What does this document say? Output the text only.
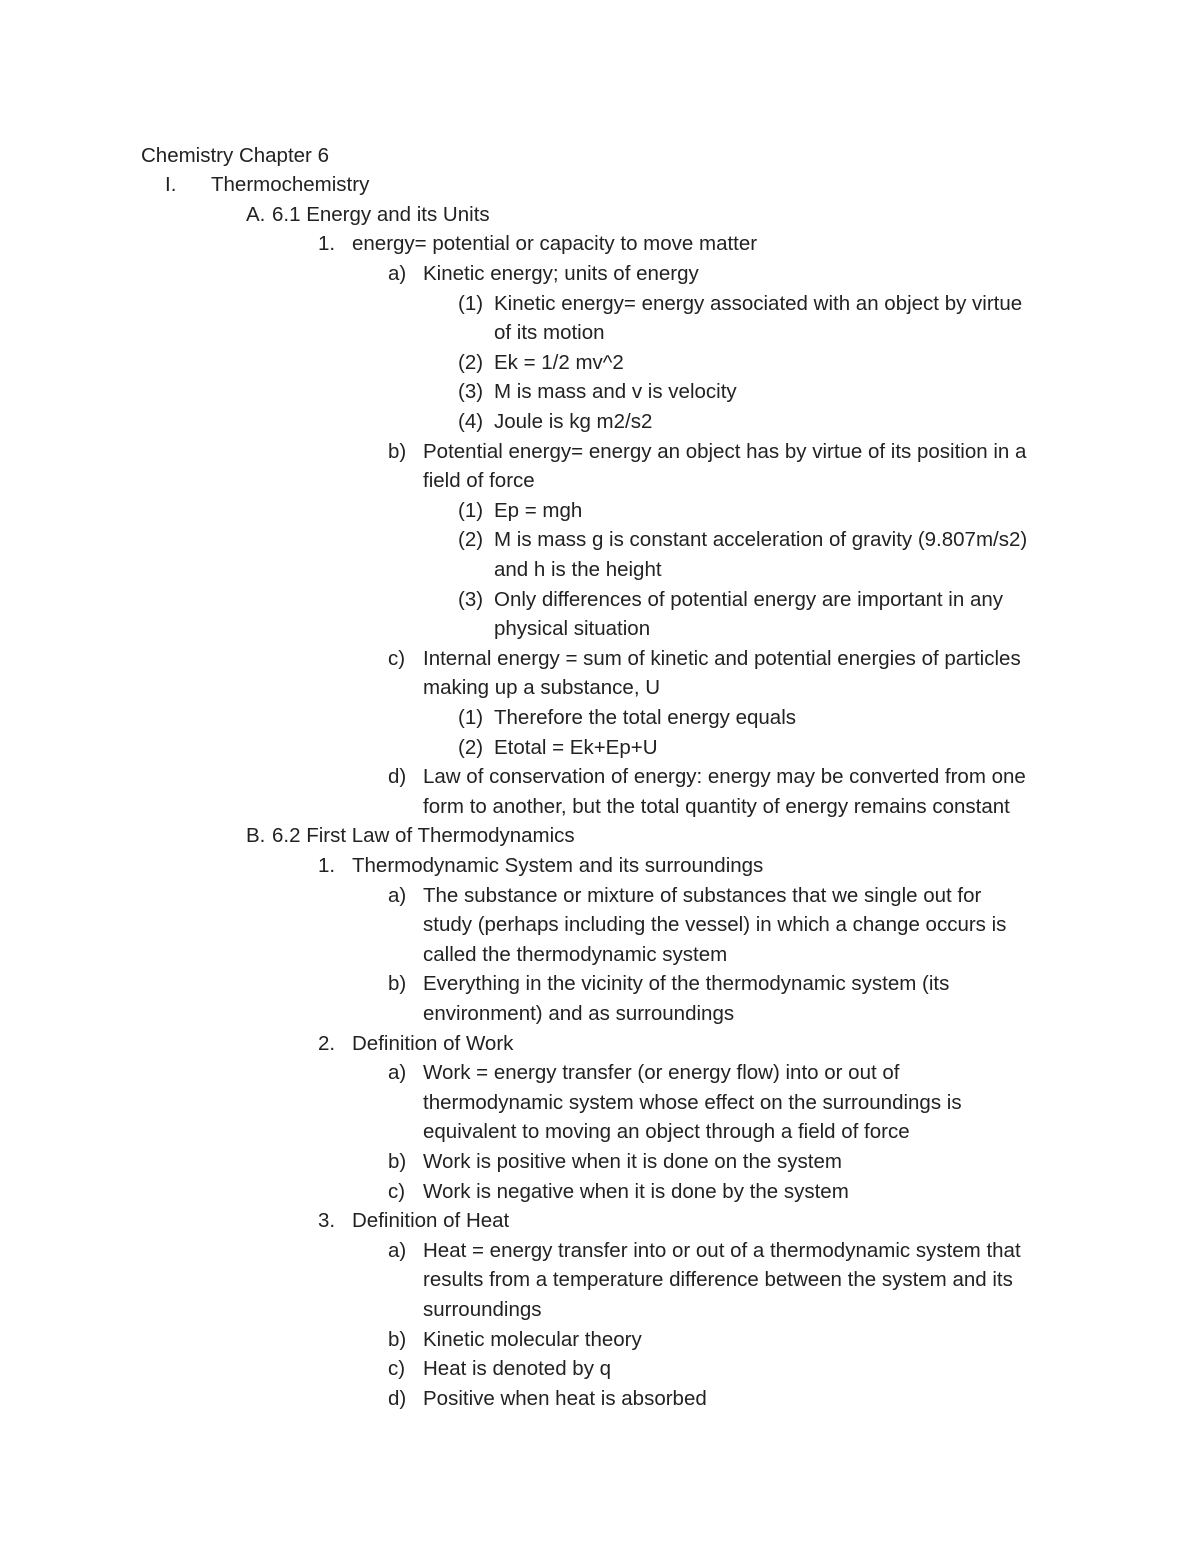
Chemistry Chapter 6
I. Thermochemistry
A. 6.1 Energy and its Units
1. energy= potential or capacity to move matter
a) Kinetic energy; units of energy
(1) Kinetic energy= energy associated with an object by virtue
of its motion
(2) Ek = 1/2 mv^2
(3) M is mass and v is velocity
(4) Joule is kg m2/s2
b) Potential energy= energy an object has by virtue of its position in a
field of force
(1) Ep = mgh
(2) M is mass g is constant acceleration of gravity (9.807m/s2)
and h is the height
(3) Only differences of potential energy are important in any
physical situation
c) Internal energy = sum of kinetic and potential energies of particles
making up a substance, U
(1) Therefore the total energy equals
(2) Etotal = Ek+Ep+U
d) Law of conservation of energy: energy may be converted from one
form to another, but the total quantity of energy remains constant
B. 6.2 First Law of Thermodynamics
1. Thermodynamic System and its surroundings
a) The substance or mixture of substances that we single out for
study (perhaps including the vessel) in which a change occurs is
called the thermodynamic system
b) Everything in the vicinity of the thermodynamic system (its
environment) and as surroundings
2. Definition of Work
a) Work = energy transfer (or energy flow) into or out of
thermodynamic system whose effect on the surroundings is
equivalent to moving an object through a field of force
b) Work is positive when it is done on the system
c) Work is negative when it is done by the system
3. Definition of Heat
a) Heat = energy transfer into or out of a thermodynamic system that
results from a temperature difference between the system and its
surroundings
b) Kinetic molecular theory
c) Heat is denoted by q
d) Positive when heat is absorbed
